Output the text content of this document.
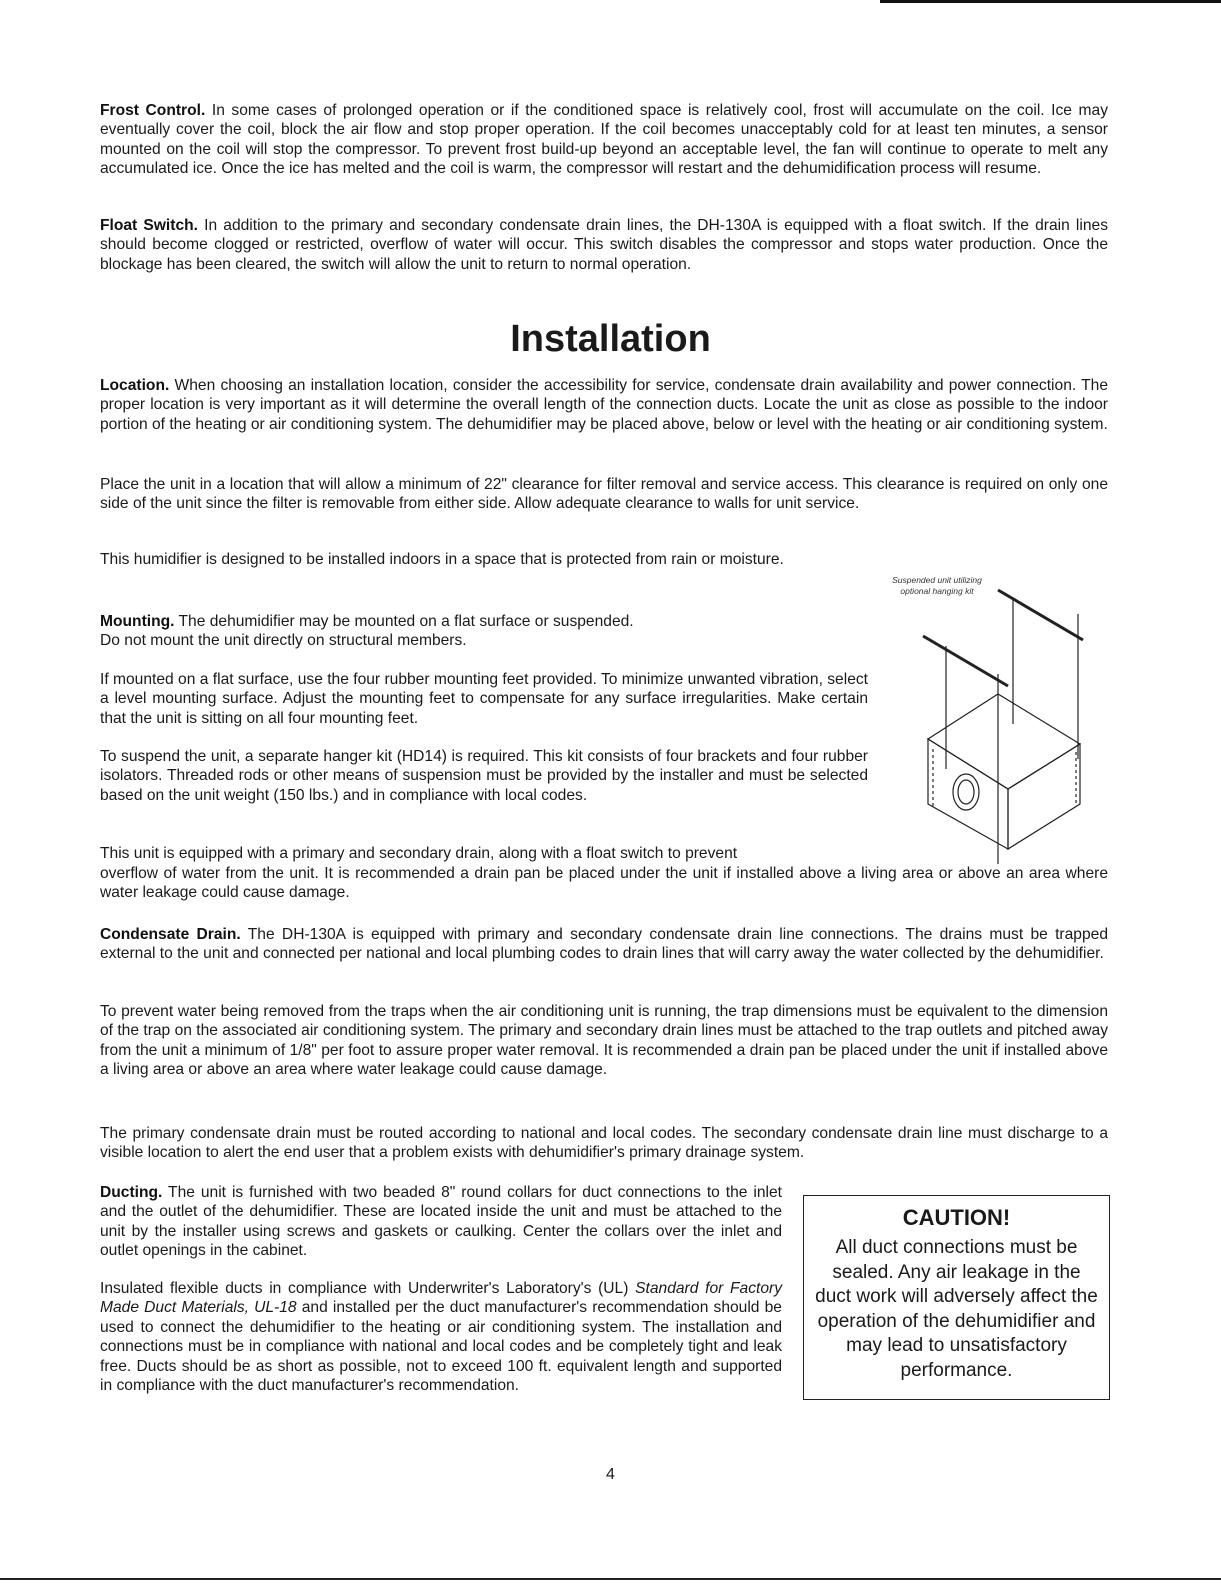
Frost Control. In some cases of prolonged operation or if the conditioned space is relatively cool, frost will accumulate on the coil. Ice may eventually cover the coil, block the air flow and stop proper operation. If the coil becomes unacceptably cold for at least ten minutes, a sensor mounted on the coil will stop the compressor. To prevent frost build-up beyond an acceptable level, the fan will continue to operate to melt any accumulated ice. Once the ice has melted and the coil is warm, the compressor will restart and the dehumidification process will resume.

Float Switch. In addition to the primary and secondary condensate drain lines, the DH-130A is equipped with a float switch. If the drain lines should become clogged or restricted, overflow of water will occur. This switch disables the compressor and stops water production. Once the blockage has been cleared, the switch will allow the unit to return to normal operation.

Installation

Location. When choosing an installation location, consider the accessibility for service, condensate drain availability and power connection. The proper location is very important as it will determine the overall length of the connection ducts. Locate the unit as close as possible to the indoor portion of the heating or air conditioning system. The dehumidifier may be placed above, below or level with the heating or air conditioning system.

Place the unit in a location that will allow a minimum of 22" clearance for filter removal and service access. This clearance is required on only one side of the unit since the filter is removable from either side. Allow adequate clearance to walls for unit service.

This humidifier is designed to be installed indoors in a space that is protected from rain or moisture.

Mounting. The dehumidifier may be mounted on a flat surface or suspended.
Do not mount the unit directly on structural members.

If mounted on a flat surface, use the four rubber mounting feet provided. To minimize unwanted vibration, select a level mounting surface. Adjust the mounting feet to compensate for any surface irregularities. Make certain that the unit is sitting on all four mounting feet.

To suspend the unit, a separate hanger kit (HD14) is required. This kit consists of four brackets and four rubber isolators. Threaded rods or other means of suspension must be provided by the installer and must be selected based on the unit weight (150 lbs.) and in compliance with local codes.

This unit is equipped with a primary and secondary drain, along with a float switch to prevent

overflow of water from the unit. It is recommended a drain pan be placed under the unit if installed above a living area or above an area where water leakage could cause damage.

Suspended unit utilizing
optional hanging kit

Condensate Drain. The DH-130A is equipped with primary and secondary condensate drain line connections. The drains must be trapped external to the unit and connected per national and local plumbing codes to drain lines that will carry away the water collected by the dehumidifier.

To prevent water being removed from the traps when the air conditioning unit is running, the trap dimensions must be equivalent to the dimension of the trap on the associated air conditioning system. The primary and secondary drain lines must be attached to the trap outlets and pitched away from the unit a minimum of 1/8" per foot to assure proper water removal. It is recommended a drain pan be placed under the unit if installed above a living area or above an area where water leakage could cause damage.

The primary condensate drain must be routed according to national and local codes. The secondary condensate drain line must discharge to a visible location to alert the end user that a problem exists with dehumidifier's primary drainage system.

Ducting. The unit is furnished with two beaded 8" round collars for duct connections to the inlet and the outlet of the dehumidifier. These are located inside the unit and must be attached to the unit by the installer using screws and gaskets or caulking. Center the collars over the inlet and outlet openings in the cabinet.

Insulated flexible ducts in compliance with Underwriter's Laboratory's (UL) Standard for Factory Made Duct Materials, UL-18 and installed per the duct manufacturer's recommendation should be used to connect the dehumidifier to the heating or air conditioning system. The installation and connections must be in compliance with national and local codes and be completely tight and leak free. Ducts should be as short as possible, not to exceed 100 ft. equivalent length and supported in compliance with the duct manufacturer's recommendation.

CAUTION!
All duct connections must be sealed. Any air leakage in the duct work will adversely affect the operation of the dehumidifier and may lead to unsatisfactory performance.
4
